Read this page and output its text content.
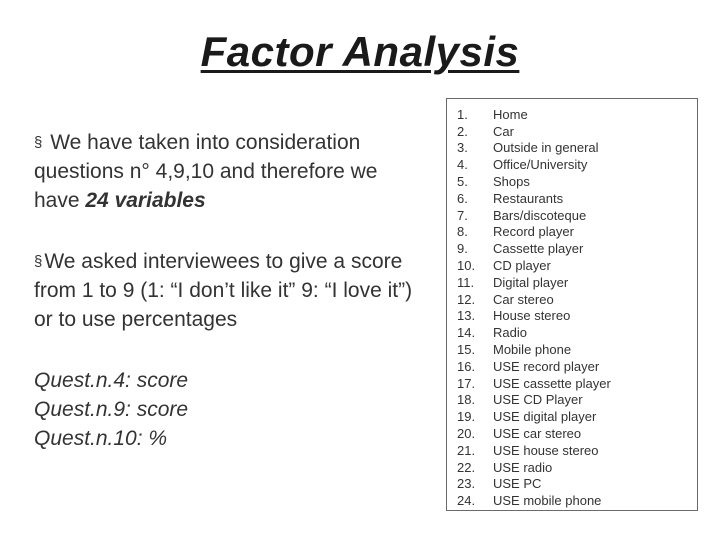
Factor Analysis

§ We have taken into consideration questions n° 4,9,10 and therefore we have 24 variables

§We asked interviewees to give a score from 1 to 9 (1: “I don’t like it” 9: “I love it”)
or to use percentages

Quest.n.4: score
Quest.n.9: score
Quest.n.10: %
1.	Home
2.	Car
3.	Outside in general
4.	Office/University
5.	Shops
6.	Restaurants
7.	Bars/discoteque
8.	Record player
9.	Cassette player
10.	CD player
11.	Digital player
12.	Car stereo
13.	House stereo
14.	Radio
15.	Mobile phone
16.	USE record player
17.	USE cassette player
18.	USE CD Player
19.	USE digital player
20.	USE car stereo
21.	USE house stereo
22.	USE radio
23.	USE PC
24.	USE mobile phone
